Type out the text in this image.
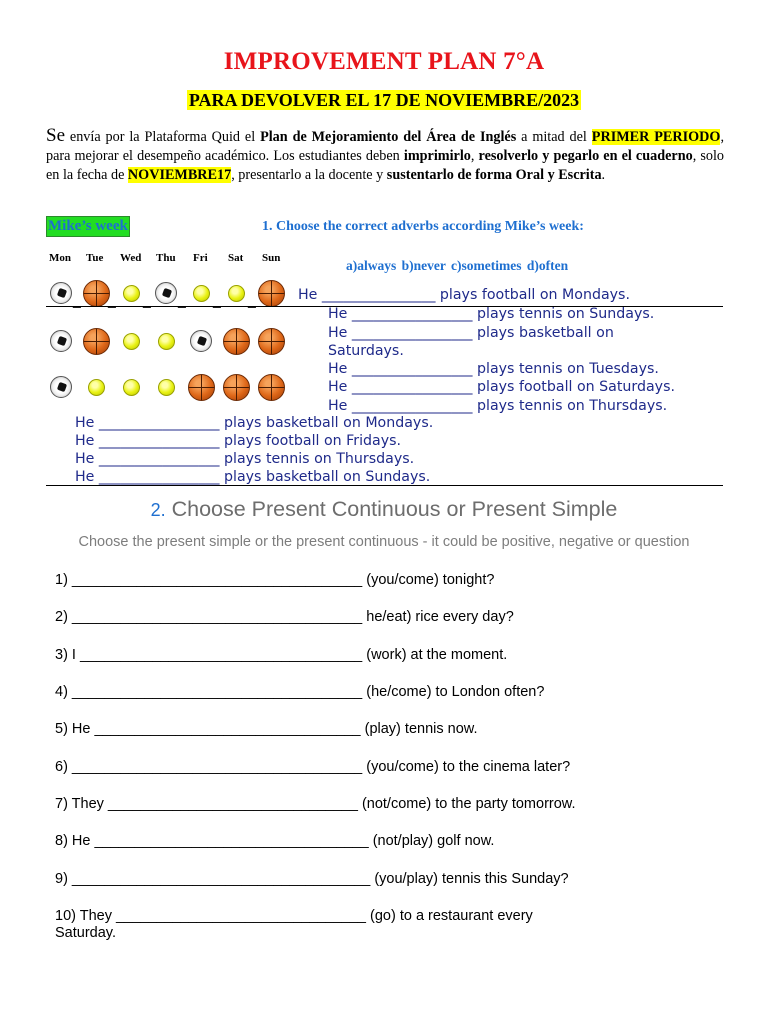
IMPROVEMENT PLAN 7°A
PARA DEVOLVER EL 17 DE NOVIEMBRE/2023
Se envía por la Plataforma Quid el Plan de Mejoramiento del Área de Inglés a mitad del PRIMER PERIODO, para mejorar el desempeño académico. Los estudiantes deben imprimirlo, resolverlo y pegarlo en el cuaderno, solo en la fecha de NOVIEMBRE17, presentarlo a la docente y sustentarlo de forma Oral y Escrita.
Mike’s week	1. Choose the correct adverbs according Mike’s week:
a)always b)never c)sometimes d)often
Mon Tue Wed Thu Fri Sat Sun
_ _ _ _ _ _	He ________________ plays football on Mondays.
He _________________ plays tennis on Sundays.
He _________________ plays basketball on
Saturdays.
He _________________ plays tennis on Tuesdays.
He _________________ plays football on Saturdays.
He _________________ plays tennis on Thursdays.
He _________________ plays basketball on Mondays.
He _________________ plays football on Fridays.
He _________________ plays tennis on Thursdays.
He _________________ plays basketball on Sundays.
2. Choose Present Continuous or Present Simple
Choose the present simple or the present continuous - it could be positive, negative or question
1) ____________________________________ (you/come) tonight?
2) ____________________________________ he/eat) rice every day?
3) I ___________________________________ (work) at the moment.
4) ____________________________________ (he/come) to London often?
5) He _________________________________ (play) tennis now.
6) ____________________________________ (you/come) to the cinema later?
7) They _______________________________ (not/come) to the party tomorrow.
8) He __________________________________ (not/play) golf now.
9) _____________________________________ (you/play) tennis this Sunday?
10) They _______________________________ (go) to a restaurant every Saturday.
